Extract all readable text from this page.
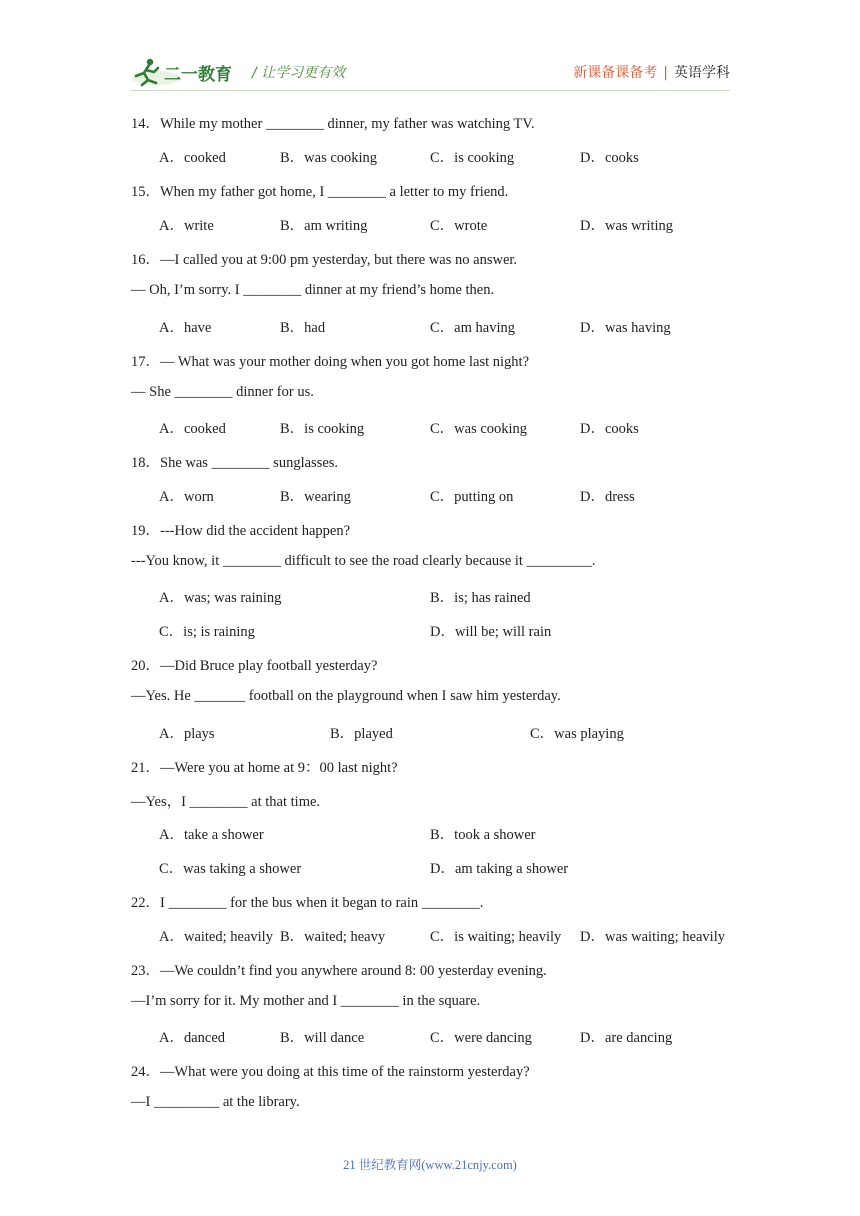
二一教育 / 让学习更有效	新课备课备考 | 英语学科
14．While my mother ________ dinner, my father was watching TV.
A．cooked	B．was cooking	C．is cooking	D．cooks
15．When my father got home, I ________ a letter to my friend.
A．write	B．am writing	C．wrote	D．was writing
16．—I called you at 9:00 pm yesterday, but there was no answer.
— Oh, I’m sorry. I ________ dinner at my friend’s home then.
A．have	B．had	C．am having	D．was having
17．— What was your mother doing when you got home last night?
— She ________ dinner for us.
A．cooked	B．is cooking	C．was cooking	D．cooks
18．She was ________ sunglasses.
A．worn	B．wearing	C．putting on	D．dress
19．---How did the accident happen?
---You know, it ________ difficult to see the road clearly because it _________.
A．was; was raining	B．is; has rained
C．is; is raining	D．will be; will rain
20．—Did Bruce play football yesterday?
—Yes. He _______ football on the playground when I saw him yesterday.
A．plays	B．played	C．was playing
21．—Were you at home at 9：00 last night?
—Yes，I ________ at that time.
A．take a shower	B．took a shower
C．was taking a shower	D．am taking a shower
22．I ________ for the bus when it began to rain ________.
A．waited; heavily B．waited; heavy	C．is waiting; heavily D．was waiting; heavily
23．—We couldn’t find you anywhere around 8: 00 yesterday evening.
—I’m sorry for it. My mother and I ________ in the square.
A．danced	B．will dance	C．were dancing	D．are dancing
24．—What were you doing at this time of the rainstorm yesterday?
—I _________ at the library.
21 世纪教育网(www.21cnjy.com)
